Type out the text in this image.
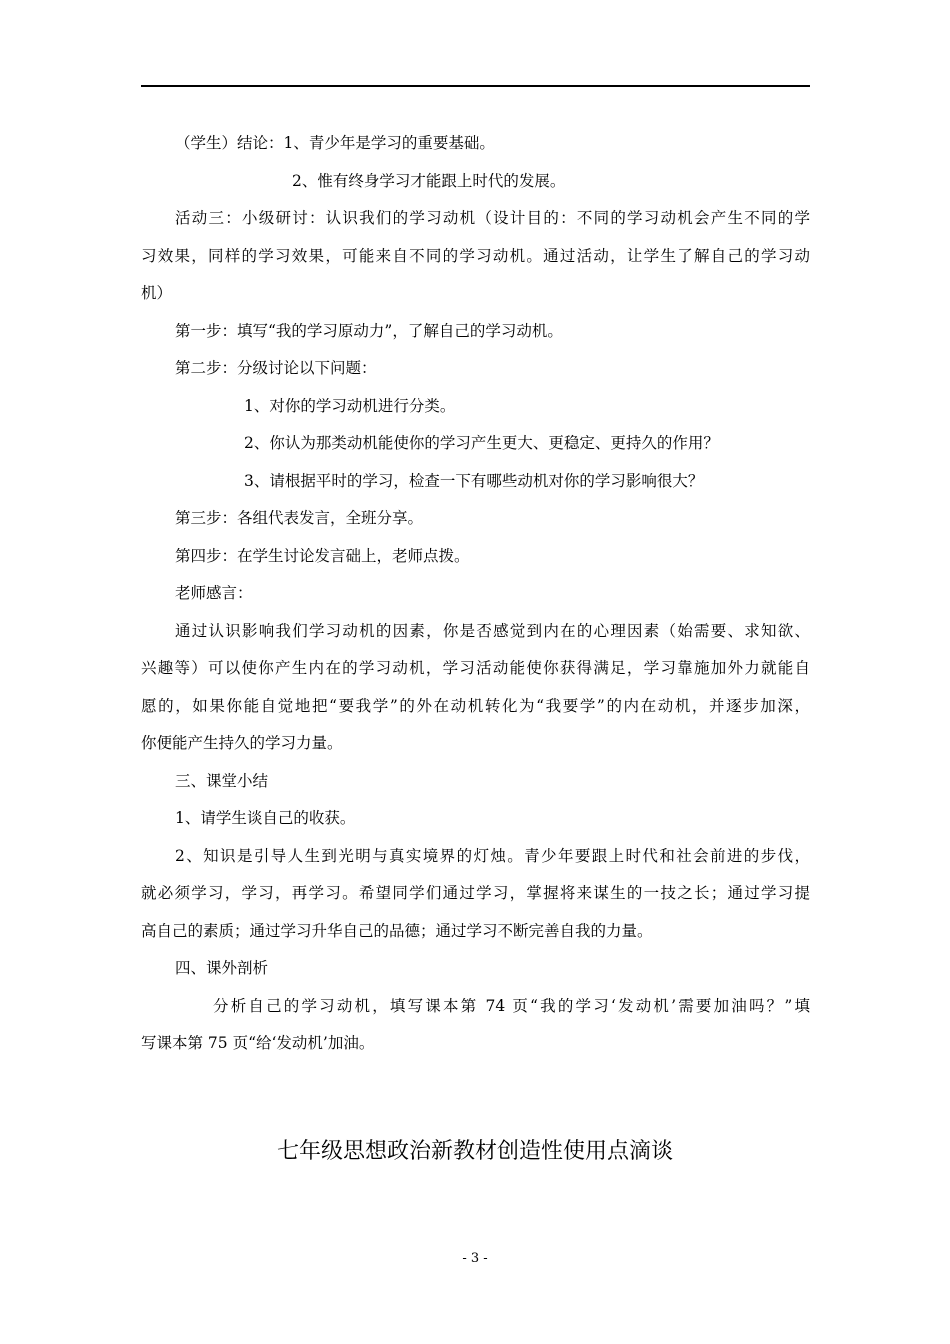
（学生）结论：1、青少年是学习的重要基础。
2、惟有终身学习才能跟上时代的发展。
活动三：小级研讨：认识我们的学习动机（设计目的：不同的学习动机会产生不同的学
习效果，同样的学习效果，可能来自不同的学习动机。通过活动，让学生了解自己的学习动
机）
第一步：填写“我的学习原动力”，了解自己的学习动机。
第二步：分级讨论以下问题：
1、对你的学习动机进行分类。
2、你认为那类动机能使你的学习产生更大、更稳定、更持久的作用？
3、请根据平时的学习，检查一下有哪些动机对你的学习影响很大？
第三步：各组代表发言，全班分享。
第四步：在学生讨论发言础上，老师点拨。
老师感言：
通过认识影响我们学习动机的因素，你是否感觉到内在的心理因素（始需要、求知欲、
兴趣等）可以使你产生内在的学习动机，学习活动能使你获得满足，学习靠施加外力就能自
愿的，如果你能自觉地把“要我学”的外在动机转化为“我要学”的内在动机，并逐步加深，
你便能产生持久的学习力量。
三、课堂小结
1、请学生谈自己的收获。
2、知识是引导人生到光明与真实境界的灯烛。青少年要跟上时代和社会前进的步伐，
就必须学习，学习，再学习。希望同学们通过学习，掌握将来谋生的一技之长；通过学习提
高自己的素质；通过学习升华自己的品德；通过学习不断完善自我的力量。
四、课外剖析
分析自己的学习动机，填写课本第 74 页“我的学习‘发动机’需要加油吗？”填
写课本第 75 页“给‘发动机’加油。
七年级思想政治新教材创造性使用点滴谈
- 3 -
